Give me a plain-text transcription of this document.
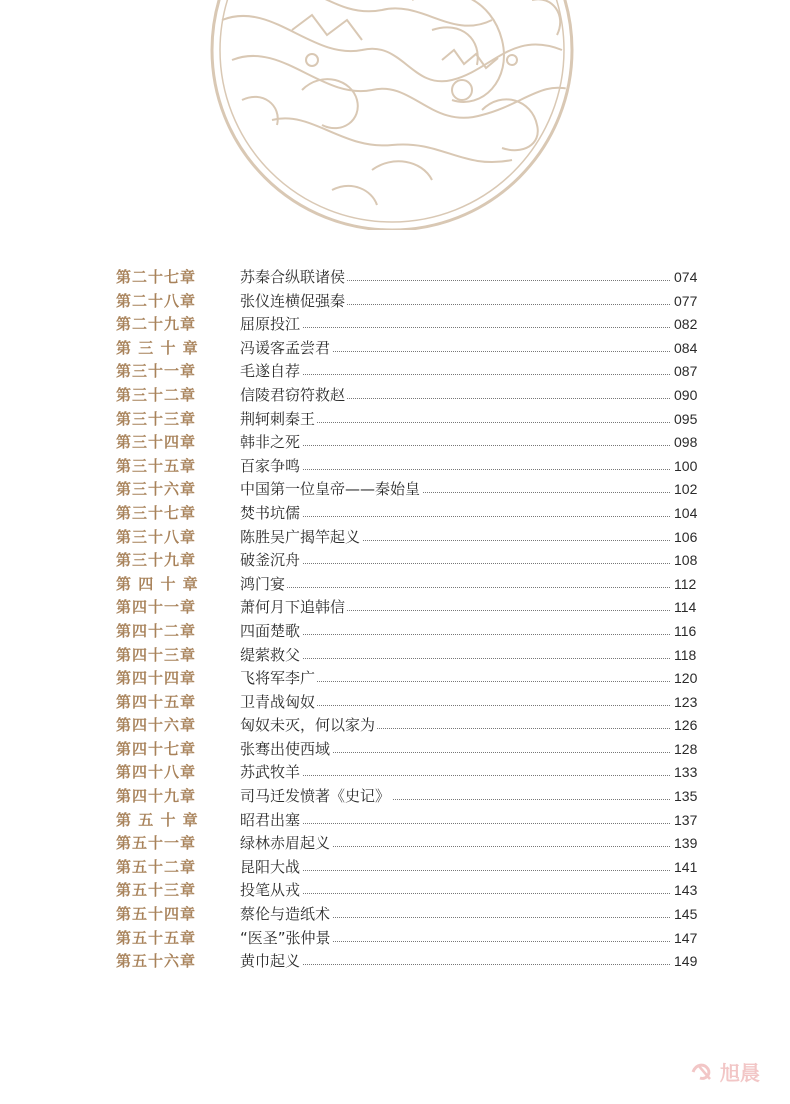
第二十七章	苏秦合纵联诸侯	074
第二十八章	张仪连横促强秦	077
第二十九章	屈原投江	082
第 三 十 章	冯谖客孟尝君	084
第三十一章	毛遂自荐	087
第三十二章	信陵君窃符救赵	090
第三十三章	荆轲刺秦王	095
第三十四章	韩非之死	098
第三十五章	百家争鸣	100
第三十六章	中国第一位皇帝——秦始皇	102
第三十七章	焚书坑儒	104
第三十八章	陈胜吴广揭竿起义	106
第三十九章	破釜沉舟	108
第 四 十 章	鸿门宴	112
第四十一章	萧何月下追韩信	114
第四十二章	四面楚歌	116
第四十三章	缇萦救父	118
第四十四章	飞将军李广	120
第四十五章	卫青战匈奴	123
第四十六章	匈奴未灭，何以家为	126
第四十七章	张骞出使西域	128
第四十八章	苏武牧羊	133
第四十九章	司马迁发愤著《史记》	135
第 五 十 章	昭君出塞	137
第五十一章	绿林赤眉起义	139
第五十二章	昆阳大战	141
第五十三章	投笔从戎	143
第五十四章	蔡伦与造纸术	145
第五十五章	“医圣”张仲景	147
第五十六章	黄巾起义	149
旭晨
